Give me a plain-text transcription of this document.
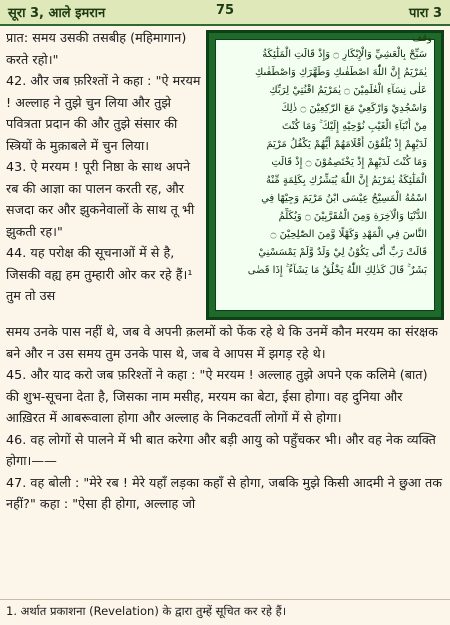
सूरा 3, आले इमरान	75	पारा 3
प्रात: समय उसकी तसबीह (महिमागान) करते रहो।"
42. और जब फ़रिश्तों ने कहा : "ऐ मरयम ! अल्लाह ने तुझे चुन लिया और तुझे पवित्रता प्रदान की और तुझे संसार की स्त्रियों के मुक़ाबले में चुन लिया।
43. ऐ मरयम ! पूरी निष्ठा के साथ अपने रब की आज्ञा का पालन करती रह, और सजदा कर और झुकनेवालों के साथ तू भी झुकती रह।"
44. यह परोक्ष की सूचनाओं में से है, जिसकी वह्य हम तुम्हारी ओर कर रहे हैं।¹ तुम तो उस
سَبِّحْ بِالْعَشِيِّ وَالْإِبْكَارِ ۝ وَإِذْ قَالَتِ الْمَلٰٓئِكَةُ
يٰمَرْيَمُ إِنَّ اللّٰهَ اصْطَفٰىكِ وَطَهَّرَكِ وَاصْطَفٰىكِ
عَلٰى نِسَآءِ الْعٰلَمِيْنَ ۝ يٰمَرْيَمُ اقْنُتِيْ لِرَبِّكِ
وَاسْجُدِيْ وَارْكَعِيْ مَعَ الرّٰكِعِيْنَ ۝ ذٰلِكَ
مِنْ أَنْبَآءِ الْغَيْبِ نُوْحِيْهِ إِلَيْكَ ۚ وَمَا كُنْتَ
لَدَيْهِمْ إِذْ يُلْقُوْنَ أَقْلَامَهُمْ أَيُّهُمْ يَكْفُلُ مَرْيَمَ
وَمَا كُنْتَ لَدَيْهِمْ إِذْ يَخْتَصِمُوْنَ ۝ إِذْ قَالَتِ
الْمَلٰٓئِكَةُ يٰمَرْيَمُ إِنَّ اللّٰهَ يُبَشِّرُكِ بِكَلِمَةٍ مِّنْهُ
اسْمُهُ الْمَسِيْحُ عِيْسَى ابْنُ مَرْيَمَ وَجِيْهًا فِي
الدُّنْيَا وَالْآخِرَةِ وَمِنَ الْمُقَرَّبِيْنَ ۝ وَيُكَلِّمُ
النَّاسَ فِي الْمَهْدِ وَكَهْلًا وَّمِنَ الصّٰلِحِيْنَ ۝
قَالَتْ رَبِّ أَنّٰى يَكُوْنُ لِيْ وَلَدٌ وَّلَمْ يَمْسَسْنِيْ
بَشَرٌ ۚ قَالَ كَذٰلِكِ اللّٰهُ يَخْلُقُ مَا يَشَآءُ ۚ إِذَا قَضٰى
وقف
समय उनके पास नहीं थे, जब वे अपनी क़लमों को फेंक रहे थे कि उनमें कौन मरयम का संरक्षक बने और न उस समय तुम उनके पास थे, जब वे आपस में झगड़ रहे थे।
45. और याद करो जब फ़रिश्तों ने कहा : "ऐ मरयम ! अल्लाह तुझे अपने एक कलिमे (बात) की शुभ-सूचना देता है, जिसका नाम मसीह, मरयम का बेटा, ईसा होगा। वह दुनिया और आख़िरत में आबरूवाला होगा और अल्लाह के निकटवर्ती लोगों में से होगा।
46. वह लोगों से पालने में भी बात करेगा और बड़ी आयु को पहुँचकर भी। और वह नेक व्यक्ति होगा।——
47. वह बोली : "मेरे रब ! मेरे यहाँ लड़का कहाँ से होगा, जबकि मुझे किसी आदमी ने छुआ तक नहीं?" कहा : "ऐसा ही होगा, अल्लाह जो
1. अर्थात प्रकाशना (Revelation) के द्वारा तुम्हें सूचित कर रहे हैं।
